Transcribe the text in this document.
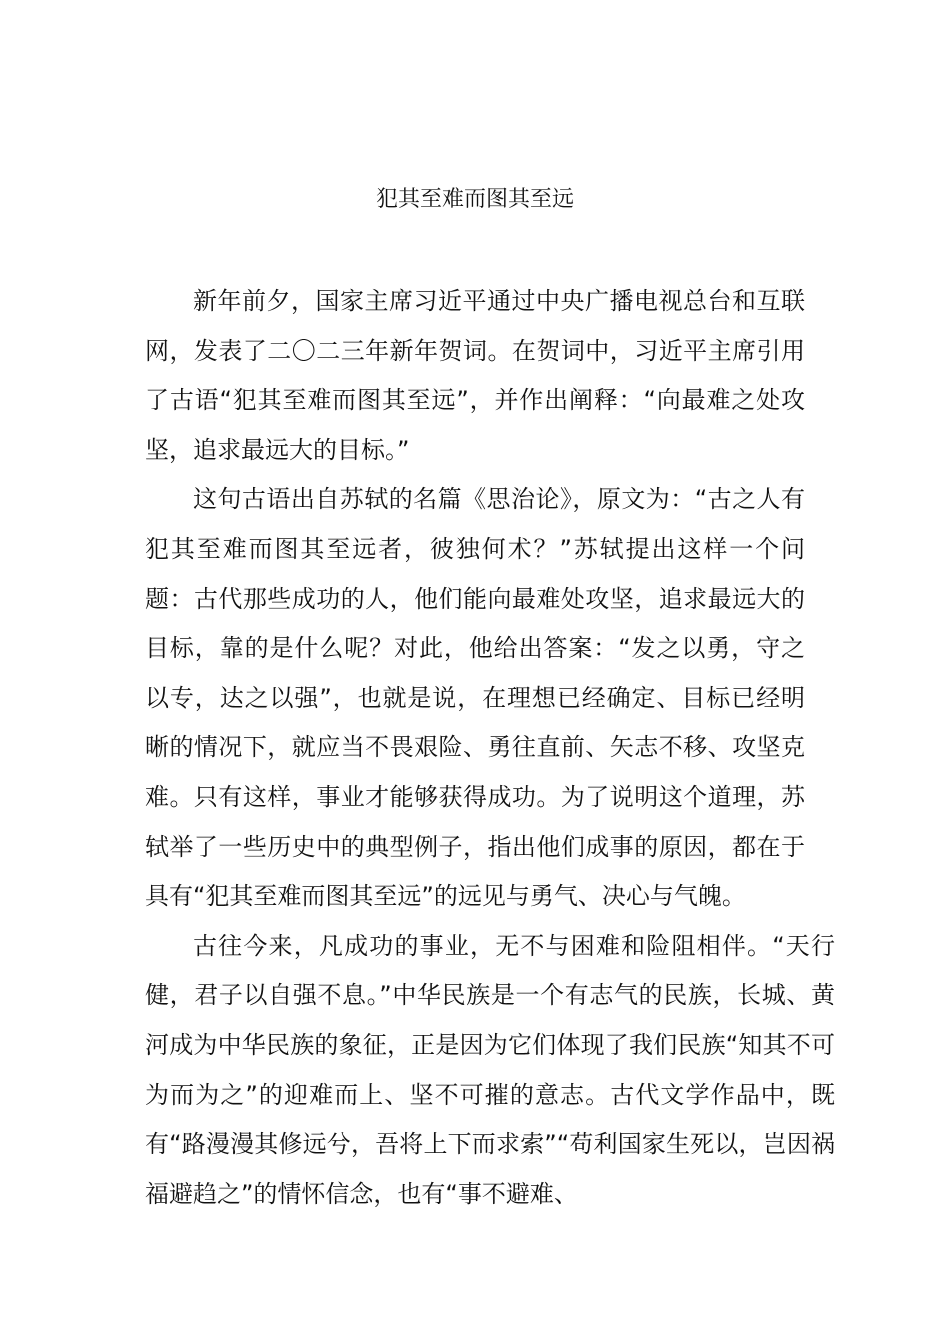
犯其至难而图其至远

新年前夕，国家主席习近平通过中央广播电视总台和互联网，发表了二〇二三年新年贺词。在贺词中，习近平主席引用了古语“犯其至难而图其至远”，并作出阐释：“向最难之处攻坚，追求最远大的目标。”

这句古语出自苏轼的名篇《思治论》，原文为：“古之人有犯其至难而图其至远者，彼独何术？”苏轼提出这样一个问题：古代那些成功的人，他们能向最难处攻坚，追求最远大的目标，靠的是什么呢？对此，他给出答案：“发之以勇，守之以专，达之以强”，也就是说，在理想已经确定、目标已经明晰的情况下，就应当不畏艰险、勇往直前、矢志不移、攻坚克难。只有这样，事业才能够获得成功。为了说明这个道理，苏轼举了一些历史中的典型例子，指出他们成事的原因，都在于具有“犯其至难而图其至远”的远见与勇气、决心与气魄。

古往今来，凡成功的事业，无不与困难和险阻相伴。“天行健，君子以自强不息。”中华民族是一个有志气的民族，长城、黄河成为中华民族的象征，正是因为它们体现了我们民族“知其不可为而为之”的迎难而上、坚不可摧的意志。古代文学作品中，既有“路漫漫其修远兮，吾将上下而求索”“苟利国家生死以，岂因祸福避趋之”的情怀信念，也有“事不避难、
